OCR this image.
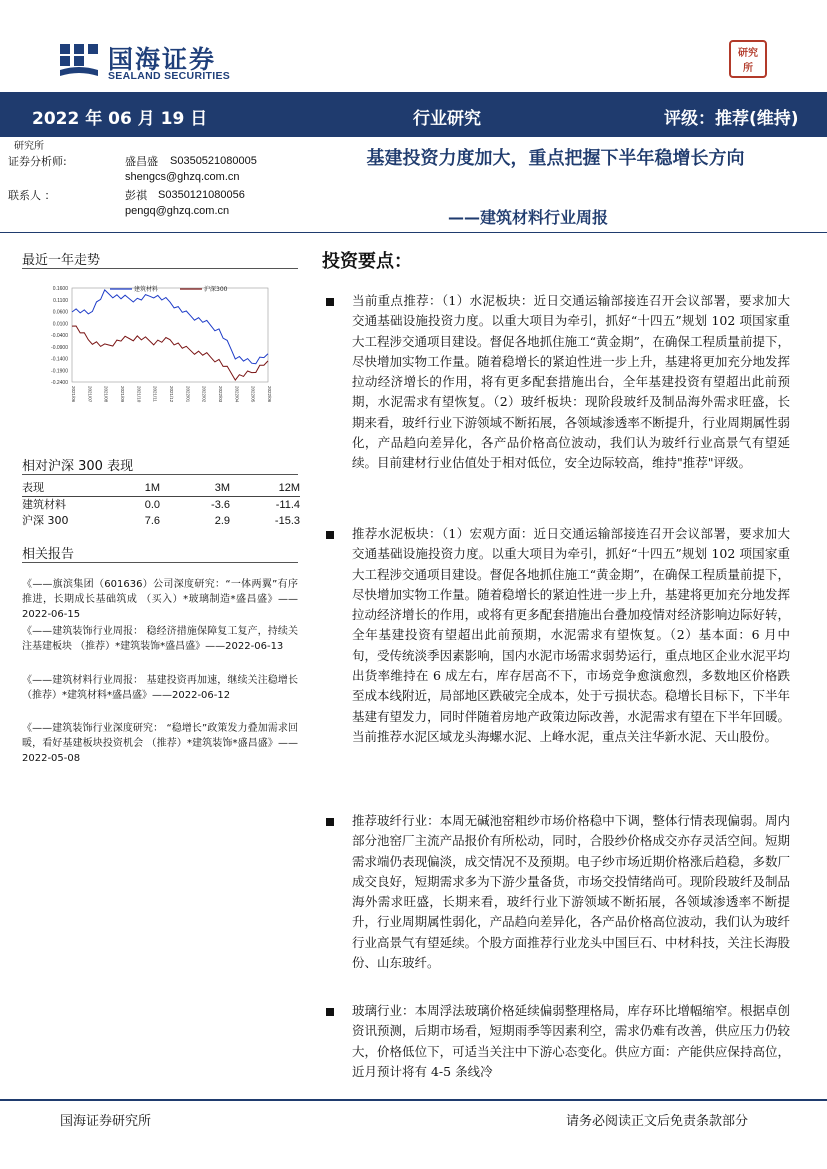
国海证券
SEALAND SECURITIES
研究
所
2022 年 06 月 19 日	行业研究	评级：推荐(维持)
研究所
证券分析师:	盛昌盛 S0350521080005
shengcs@ghzq.com.cn
联系人 ：	彭祺 S0350121080056
pengq@ghzq.com.cn
基建投资力度加大，重点把握下半年稳增长方向
——建筑材料行业周报
最近一年走势
建筑材料	沪深300
0.1600
0.1100
0.0600
0.0100
-0.0400
-0.0900
-0.1400
-0.1900
-0.2400
2021/06	2021/07	2021/08	2021/09	2021/10	2021/11	2021/12	2022/01	2022/02	2022/03	2022/04	2022/05	2022/06
相对沪深 300 表现
表现	1M	3M	12M
建筑材料	0.0	-3.6	-11.4
沪深 300	7.6	2.9	-15.3
相关报告
《——旗滨集团（601636）公司深度研究：“一体两翼”有序推进，长期成长基础筑成 （买入）*玻璃制造*盛昌盛》——2022-06-15
《——建筑装饰行业周报： 稳经济措施保障复工复产，持续关注基建板块 （推荐）*建筑装饰*盛昌盛》——2022-06-13
《——建筑材料行业周报： 基建投资再加速，继续关注稳增长 （推荐）*建筑材料*盛昌盛》——2022-06-12
《——建筑装饰行业深度研究： “稳增长”政策发力叠加需求回暖，看好基建板块投资机会 （推荐）*建筑装饰*盛昌盛》——2022-05-08
投资要点：
当前重点推荐：（1）水泥板块：近日交通运输部接连召开会议部署，要求加大交通基础设施投资力度。以重大项目为牵引，抓好“十四五”规划 102 项国家重大工程涉交通项目建设。督促各地抓住施工“黄金期”，在确保工程质量前提下，尽快增加实物工作量。随着稳增长的紧迫性进一步上升，基建将更加充分地发挥拉动经济增长的作用，将有更多配套措施出台，全年基建投资有望超出此前预期，水泥需求有望恢复。（2）玻纤板块：现阶段玻纤及制品海外需求旺盛，长期来看，玻纤行业下游领域不断拓展，各领域渗透率不断提升，行业周期属性弱化，产品趋向差异化，各产品价格高位波动，我们认为玻纤行业高景气有望延续。目前建材行业估值处于相对低位，安全边际较高，维持"推荐"评级。
推荐水泥板块：（1）宏观方面：近日交通运输部接连召开会议部署，要求加大交通基础设施投资力度。以重大项目为牵引，抓好“十四五”规划 102 项国家重大工程涉交通项目建设。督促各地抓住施工“黄金期”，在确保工程质量前提下，尽快增加实物工作量。随着稳增长的紧迫性进一步上升，基建将更加充分地发挥拉动经济增长的作用，或将有更多配套措施出台叠加疫情对经济影响边际好转，全年基建投资有望超出此前预期，水泥需求有望恢复。（2）基本面：6 月中旬，受传统淡季因素影响，国内水泥市场需求弱势运行，重点地区企业水泥平均出货率维持在 6 成左右，库存居高不下，市场竞争愈演愈烈，多数地区价格跌至成本线附近，局部地区跌破完全成本，处于亏损状态。稳增长目标下，下半年基建有望发力，同时伴随着房地产政策边际改善，水泥需求有望在下半年回暖。当前推荐水泥区域龙头海螺水泥、上峰水泥，重点关注华新水泥、天山股份。
推荐玻纤行业：本周无碱池窑粗纱市场价格稳中下调，整体行情表现偏弱。周内部分池窑厂主流产品报价有所松动，同时，合股纱价格成交亦存灵活空间。短期需求端仍表现偏淡，成交情况不及预期。电子纱市场近期价格涨后趋稳，多数厂成交良好，短期需求多为下游少量备货，市场交投情绪尚可。现阶段玻纤及制品海外需求旺盛，长期来看，玻纤行业下游领域不断拓展，各领域渗透率不断提升，行业周期属性弱化，产品趋向差异化，各产品价格高位波动，我们认为玻纤行业高景气有望延续。个股方面推荐行业龙头中国巨石、中材科技，关注长海股份、山东玻纤。
玻璃行业：本周浮法玻璃价格延续偏弱整理格局，库存环比增幅缩窄。根据卓创资讯预测，后期市场看，短期雨季等因素利空，需求仍难有改善，供应压力仍较大，价格低位下，可适当关注中下游心态变化。供应方面：产能供应保持高位，近月预计将有 4-5 条线冷
国海证券研究所	请务必阅读正文后免责条款部分
